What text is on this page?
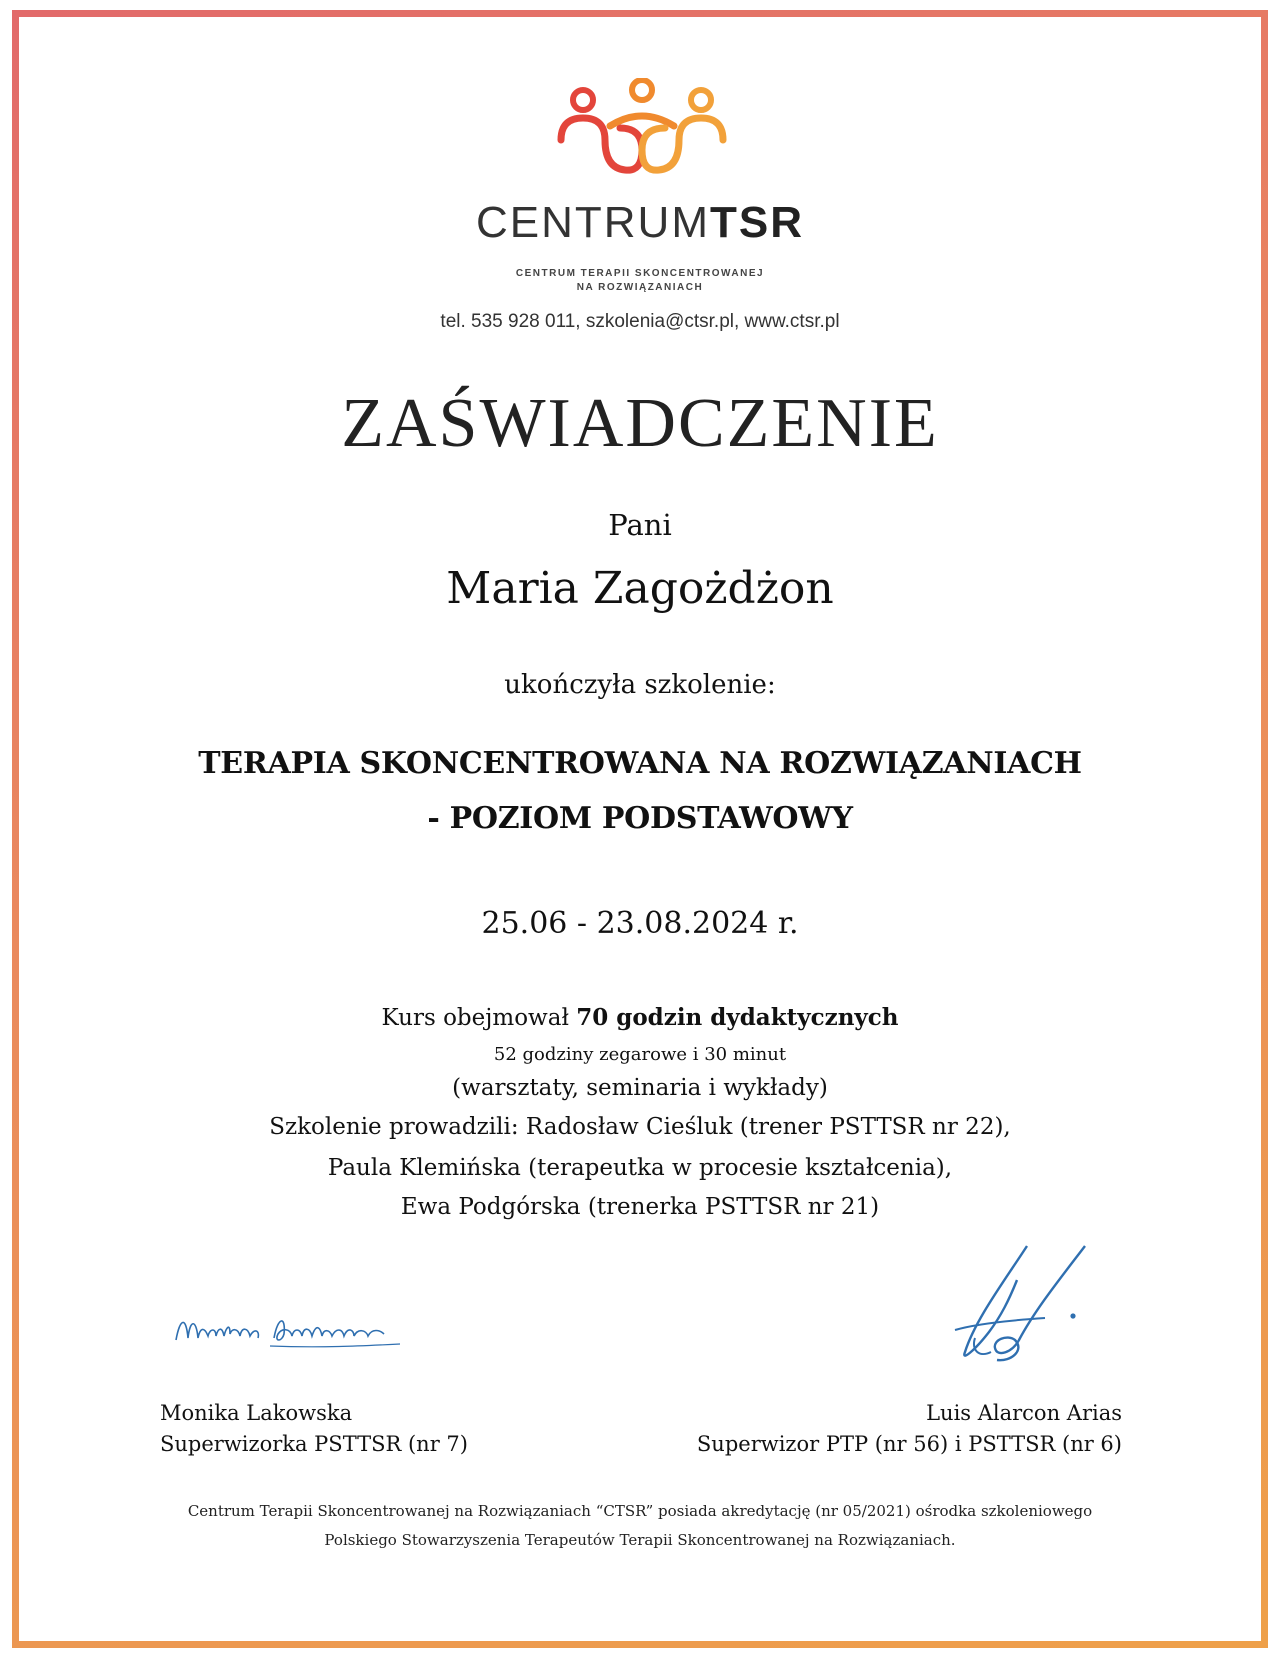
CENTRUMTSR
CENTRUM TERAPII SKONCENTROWANEJ
NA ROZWIĄZANIACH
tel. 535 928 011, szkolenia@ctsr.pl, www.ctsr.pl
ZAŚWIADCZENIE
Pani
Maria Zagożdżon
ukończyła szkolenie:
TERAPIA SKONCENTROWANA NA ROZWIĄZANIACH
- POZIOM PODSTAWOWY
25.06 - 23.08.2024 r.
Kurs obejmował 70 godzin dydaktycznych
52 godziny zegarowe i 30 minut
(warsztaty, seminaria i wykłady)
Szkolenie prowadzili: Radosław Cieśluk (trener PSTTSR nr 22),
Paula Klemińska (terapeutka w procesie kształcenia),
Ewa Podgórska (trenerka PSTTSR nr 21)
Monika Lakowska
Superwizorka PSTTSR (nr 7)
Luis Alarcon Arias
Superwizor PTP (nr 56) i PSTTSR (nr 6)
Centrum Terapii Skoncentrowanej na Rozwiązaniach “CTSR” posiada akredytację (nr 05/2021) ośrodka szkoleniowego
Polskiego Stowarzyszenia Terapeutów Terapii Skoncentrowanej na Rozwiązaniach.
